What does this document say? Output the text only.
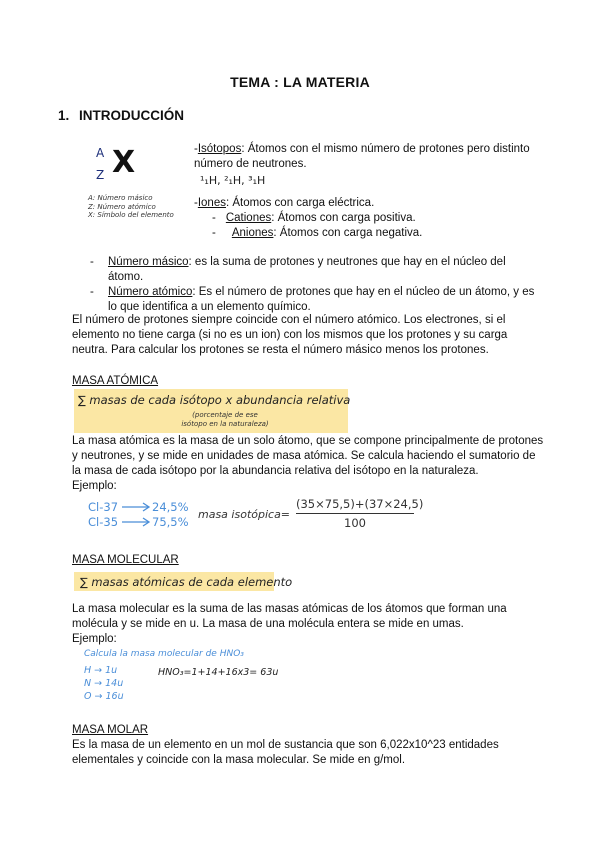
TEMA : LA MATERIA
1. INTRODUCCIÓN
A
Z X
A: Número másico
Z: Número atómico
X: Símbolo del elemento
-Isótopos: Átomos con el mismo número de protones pero distinto
número de neutrones.
¹₁H, ²₁H, ³₁H
-Iones: Átomos con carga eléctrica.
- Cationes: Átomos con carga positiva.
- Aniones: Átomos con carga negativa.
- Número másico: es la suma de protones y neutrones que hay en el núcleo del
átomo.
- Número atómico: Es el número de protones que hay en el núcleo de un átomo, y es
lo que identifica a un elemento químico.
El número de protones siempre coincide con el número atómico. Los electrones, si el
elemento no tiene carga (si no es un ion) con los mismos que los protones y su carga
neutra. Para calcular los protones se resta el número másico menos los protones.
MASA ATÓMICA
∑ masas de cada isótopo x abundancia relativa
(porcentaje de ese
isótopo en la naturaleza)
La masa atómica es la masa de un solo átomo, que se compone principalmente de protones
y neutrones, y se mide en unidades de masa atómica. Se calcula haciendo el sumatorio de
la masa de cada isótopo por la abundancia relativa del isótopo en la naturaleza.
Ejemplo:
Cl-37	24,5%
Cl-35	75,5%
masa isotópica=
(35×75,5)+(37×24,5)
100
MASA MOLECULAR
∑ masas atómicas de cada elemento
La masa molecular es la suma de las masas atómicas de los átomos que forman una
molécula y se mide en u. La masa de una molécula entera se mide en umas.
Ejemplo:
Calcula la masa molecular de HNO₃
H → 1u
N → 14u
O → 16u
HNO₃=1+14+16x3= 63u
MASA MOLAR
Es la masa de un elemento en un mol de sustancia que son 6,022x10^23 entidades
elementales y coincide con la masa molecular. Se mide en g/mol.
